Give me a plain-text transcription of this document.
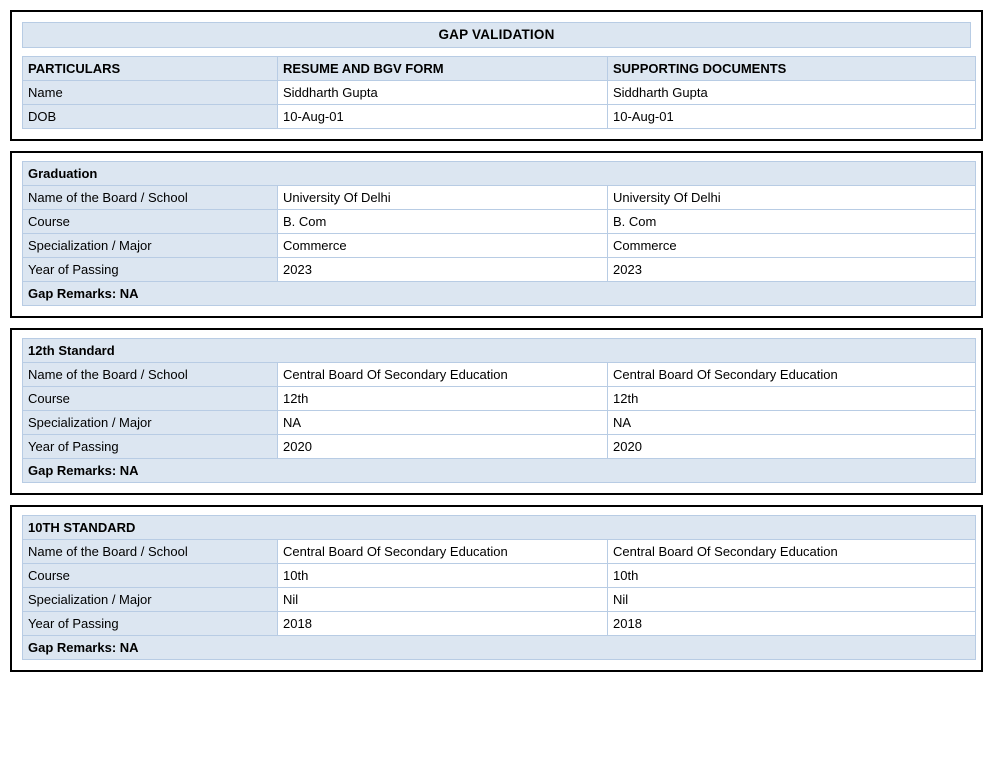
GAP VALIDATION
PARTICULARS	RESUME AND BGV FORM	SUPPORTING DOCUMENTS
Name	Siddharth Gupta	Siddharth Gupta
DOB	10-Aug-01	10-Aug-01
Graduation		
Name of the Board / School	University Of Delhi	University Of Delhi
Course	B. Com	B. Com
Specialization / Major	Commerce	Commerce
Year of Passing	2023	2023
Gap Remarks: NA		
12th Standard		
Name of the Board / School	Central Board Of Secondary Education	Central Board Of Secondary Education
Course	12th	12th
Specialization / Major	NA	NA
Year of Passing	2020	2020
Gap Remarks: NA		
10TH STANDARD		
Name of the Board / School	Central Board Of Secondary Education	Central Board Of Secondary Education
Course	10th	10th
Specialization / Major	Nil	Nil
Year of Passing	2018	2018
Gap Remarks: NA		
